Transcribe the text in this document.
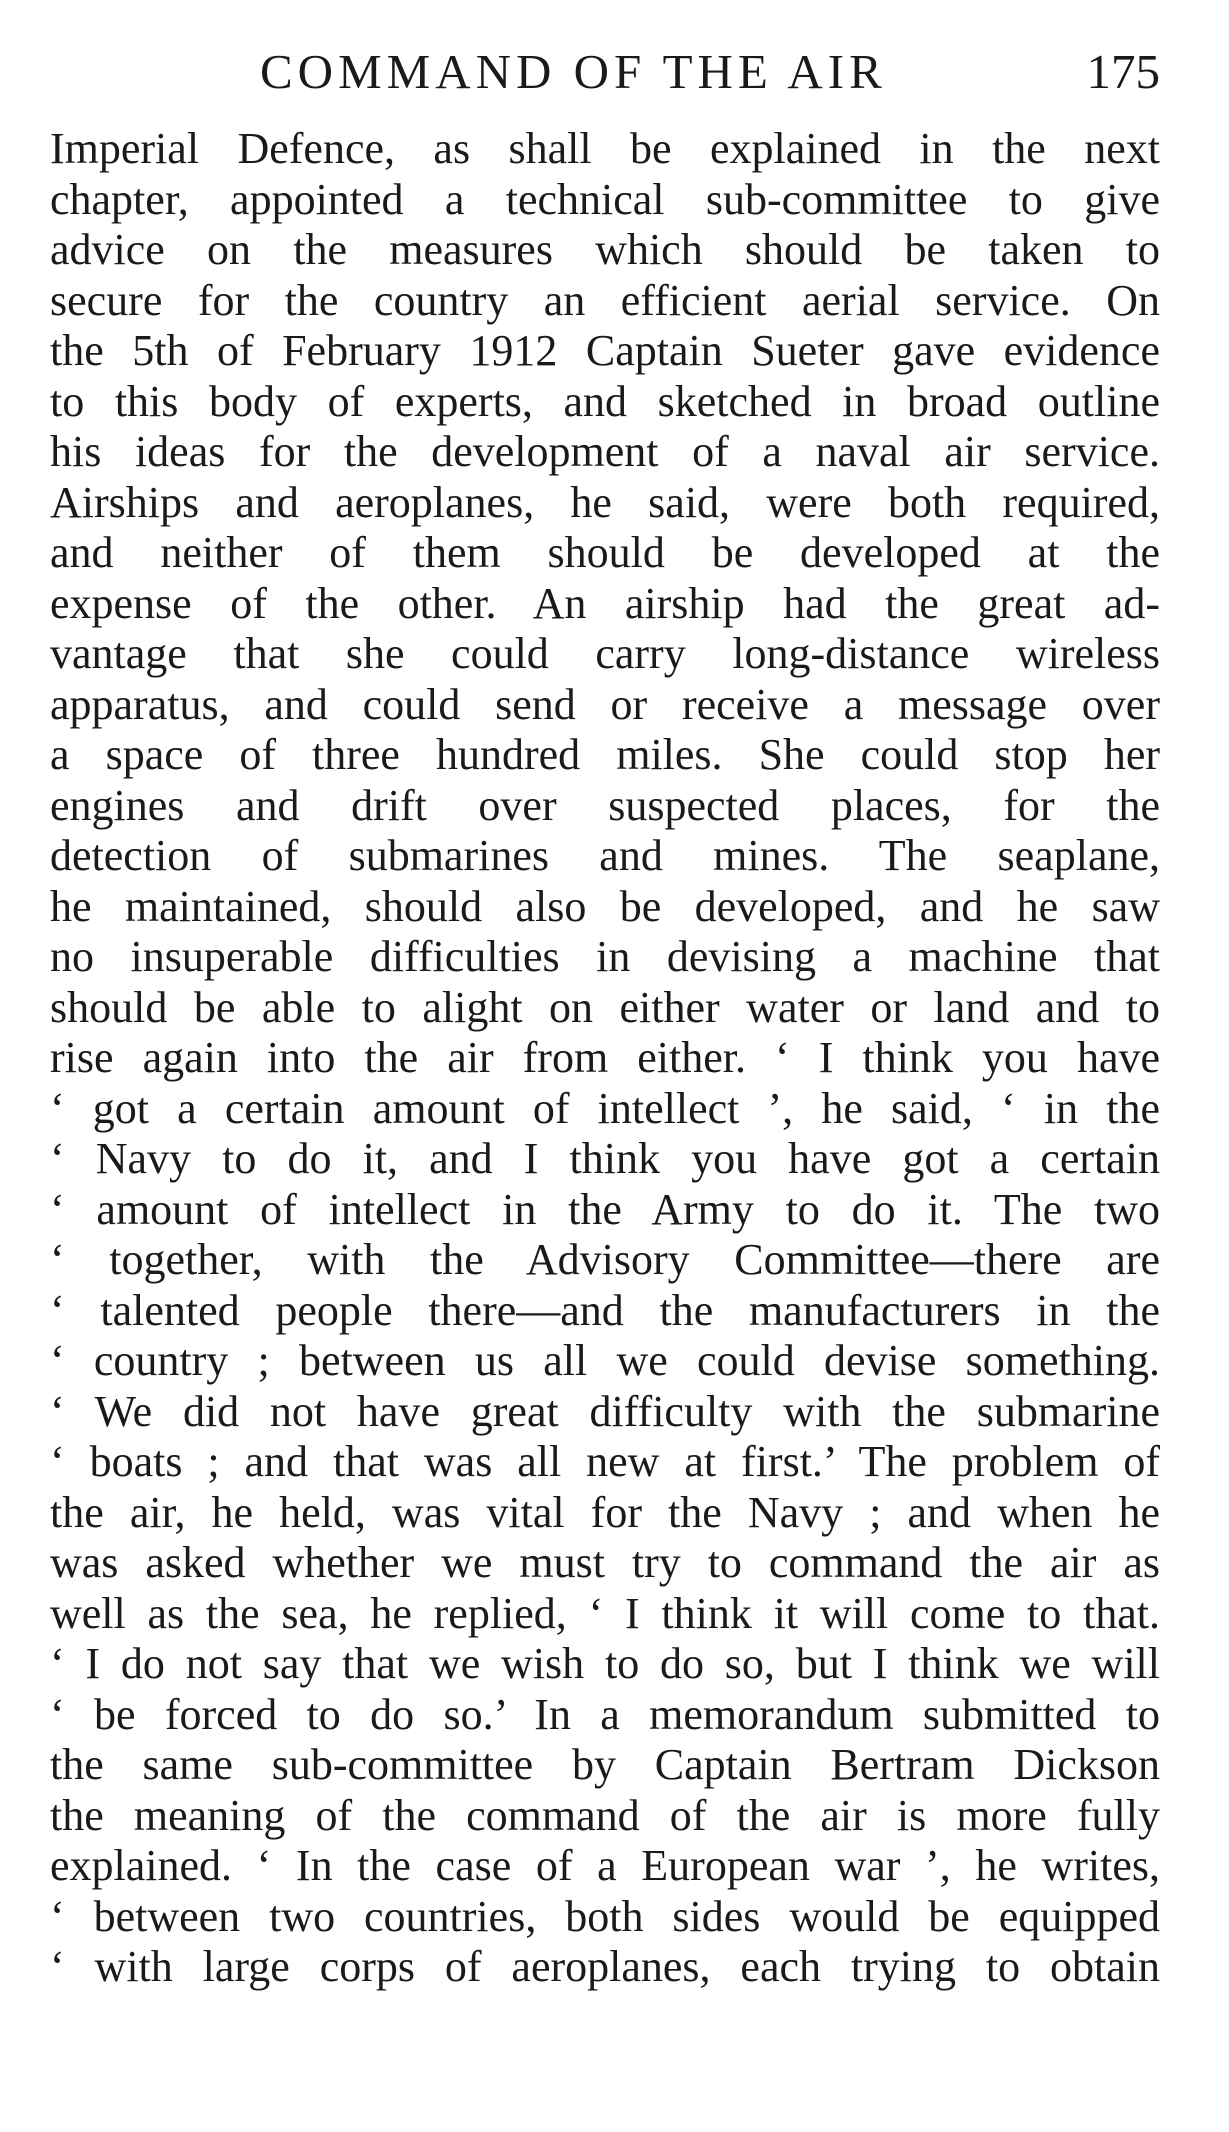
COMMAND OF THE AIR	175
Imperial Defence, as shall be explained in the next
chapter, appointed a technical sub-committee to give
advice on the measures which should be taken to
secure for the country an efficient aerial service. On
the 5th of February 1912 Captain Sueter gave evidence
to this body of experts, and sketched in broad outline
his ideas for the development of a naval air service.
Airships and aeroplanes, he said, were both required,
and neither of them should be developed at the
expense of the other. An airship had the great ad-
vantage that she could carry long-distance wireless
apparatus, and could send or receive a message over
a space of three hundred miles. She could stop her
engines and drift over suspected places, for the
detection of submarines and mines. The seaplane,
he maintained, should also be developed, and he saw
no insuperable difficulties in devising a machine that
should be able to alight on either water or land and to
rise again into the air from either. ‘ I think you have
‘ got a certain amount of intellect ’, he said, ‘ in the
‘ Navy to do it, and I think you have got a certain
‘ amount of intellect in the Army to do it. The two
‘ together, with the Advisory Committee—there are
‘ talented people there—and the manufacturers in the
‘ country ; between us all we could devise something.
‘ We did not have great difficulty with the submarine
‘ boats ; and that was all new at first.’ The problem of
the air, he held, was vital for the Navy ; and when he
was asked whether we must try to command the air as
well as the sea, he replied, ‘ I think it will come to that.
‘ I do not say that we wish to do so, but I think we will
‘ be forced to do so.’ In a memorandum submitted to
the same sub-committee by Captain Bertram Dickson
the meaning of the command of the air is more fully
explained. ‘ In the case of a European war ’, he writes,
‘ between two countries, both sides would be equipped
‘ with large corps of aeroplanes, each trying to obtain
